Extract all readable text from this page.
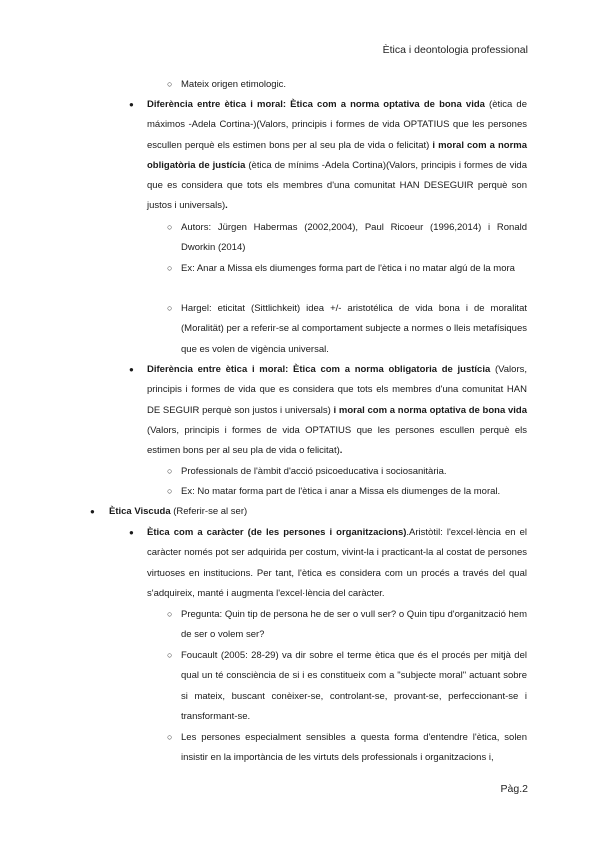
Ètica i deontologia professional
○ Mateix origen etimologic.
● Diferència entre ètica i moral: Ètica com a norma optativa de bona vida (ètica de máximos -Adela Cortina-)(Valors, principis i formes de vida OPTATIUS que les persones escullen perquè els estimen bons per al seu pla de vida o felicitat) i moral com a norma obligatòria de justícia (ètica de mínims -Adela Cortina)(Valors, principis i formes de vida que es considera que tots els membres d'una comunitat HAN DESEGUIR perquè son justos i universals).
○ Autors: Jürgen Habermas (2002,2004), Paul Ricoeur (1996,2014) i Ronald Dworkin (2014)
○ Ex: Anar a Missa els diumenges forma part de l'ètica i no matar algú de la mora
○ Hargel: eticitat (Sittlichkeit) idea +/- aristotélica de vida bona i de moralitat (Moralität) per a referir-se al comportament subjecte a normes o lleis metafísiques que es volen de vigència universal.
● Diferència entre ètica i moral: Ètica com a norma obligatoria de justícia (Valors, principis i formes de vida que es considera que tots els membres d'una comunitat HAN DE SEGUIR perquè son justos i universals) i moral com a norma optativa de bona vida (Valors, principis i formes de vida OPTATIUS que les persones escullen perquè els estimen bons per al seu pla de vida o felicitat).
○ Professionals de l'àmbit d'acció psicoeducativa i sociosanitària.
○ Ex: No matar forma part de l'ètica i anar a Missa els diumenges de la moral.
● Ètica Viscuda (Referir-se al ser)
● Ètica com a caràcter (de les persones i organitzacions).Aristòtil: l'excel·lència en el caràcter només pot ser adquirida per costum, vivint-la i practicant-la al costat de persones virtuoses en institucions. Per tant, l'ètica es considera com un procés a través del qual s'adquireix, manté i augmenta l'excel·lència del caràcter.
○ Pregunta: Quin tip de persona he de ser o vull ser? o Quin tipu d'organització hem de ser o volem ser?
○ Foucault (2005: 28-29) va dir sobre el terme ètica que és el procés per mitjà del qual un té consciència de si i es constitueix com a "subjecte moral" actuant sobre si mateix, buscant conèixer-se, controlant-se, provant-se, perfeccionant-se i transformant-se.
○ Les persones especialment sensibles a questa forma d'entendre l'ètica, solen insistir en la importància de les virtuts dels professionals i organitzacions i,
Pàg.2
